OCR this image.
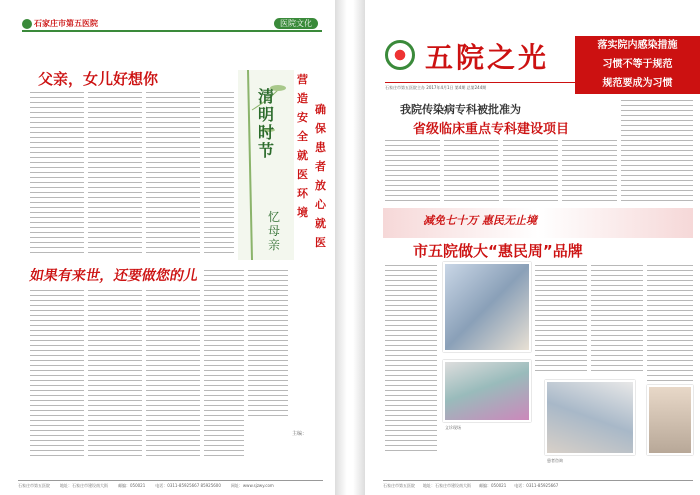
石家庄市第五医院	医院文化
父亲，女儿好想你
清明时节
忆母亲
如果有来世，还要做您的儿
营造安全就医环境
确保患者放心就医
主编：
石家庄市第五医院	地址：石家庄市建设南大街	邮编：050021	电话：0311-85925667 85925600	网址：www.sjzwy.com
五院之光
石家庄市第五医院主办 2017年4月1日 第4期 总第244期
落实院内感染措施
习惯不等于规范
规范要成为习惯
我院传染病专科被批准为
省级临床重点专科建设项目
减免七十万 惠民无止境
市五院做大“惠民周”品牌
义诊现场
患者咨询
石家庄市第五医院 地址：石家庄市建设南大街 邮编：050021 电话：0311-85925667
